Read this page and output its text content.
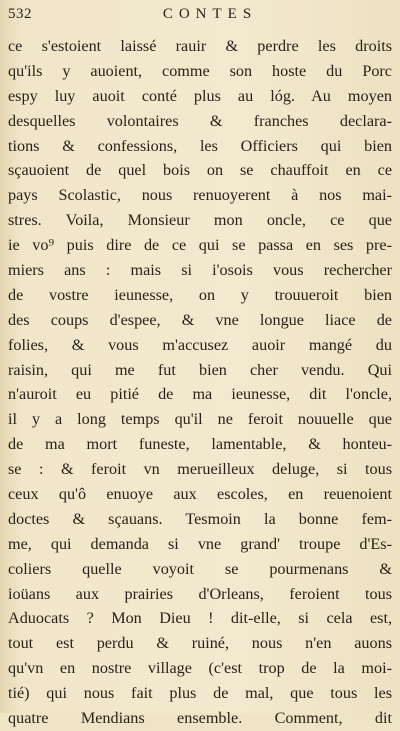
532	CONTES
ce s'estoient laissé rauir & perdre les droits
qu'ils y auoient, comme son hoste du Porc
espy luy auoit conté plus au lóg. Au moyen
desquelles volontaires & franches declara-
tions & confessions, les Officiers qui bien
sçauoient de quel bois on se chauffoit en ce
pays Scolastic, nous renuoyerent à nos mai-
stres. Voila, Monsieur mon oncle, ce que
ie vo⁹ puis dire de ce qui se passa en ses pre-
miers ans : mais si i'osois vous rechercher
de vostre ieunesse, on y trouueroit bien
des coups d'espee, & vne longue liace de
folies, & vous m'accusez auoir mangé du
raisin, qui me fut bien cher vendu. Qui
n'auroit eu pitié de ma ieunesse, dit l'oncle,
il y a long temps qu'il ne feroit nouuelle que
de ma mort funeste, lamentable, & honteu-
se : & feroit vn merueilleux deluge, si tous
ceux qu'ô enuoye aux escoles, en reuenoient
doctes & sçauans. Tesmoin la bonne fem-
me, qui demanda si vne grand' troupe d'Es-
coliers quelle voyoit se pourmenans &
ioüans aux prairies d'Orleans, feroient tous
Aduocats ? Mon Dieu ! dit-elle, si cela est,
tout est perdu & ruiné, nous n'en auons
qu'vn en nostre village (c'est trop de la moi-
tié) qui nous fait plus de mal, que tous les
quatre Mendians ensemble. Comment, dit
